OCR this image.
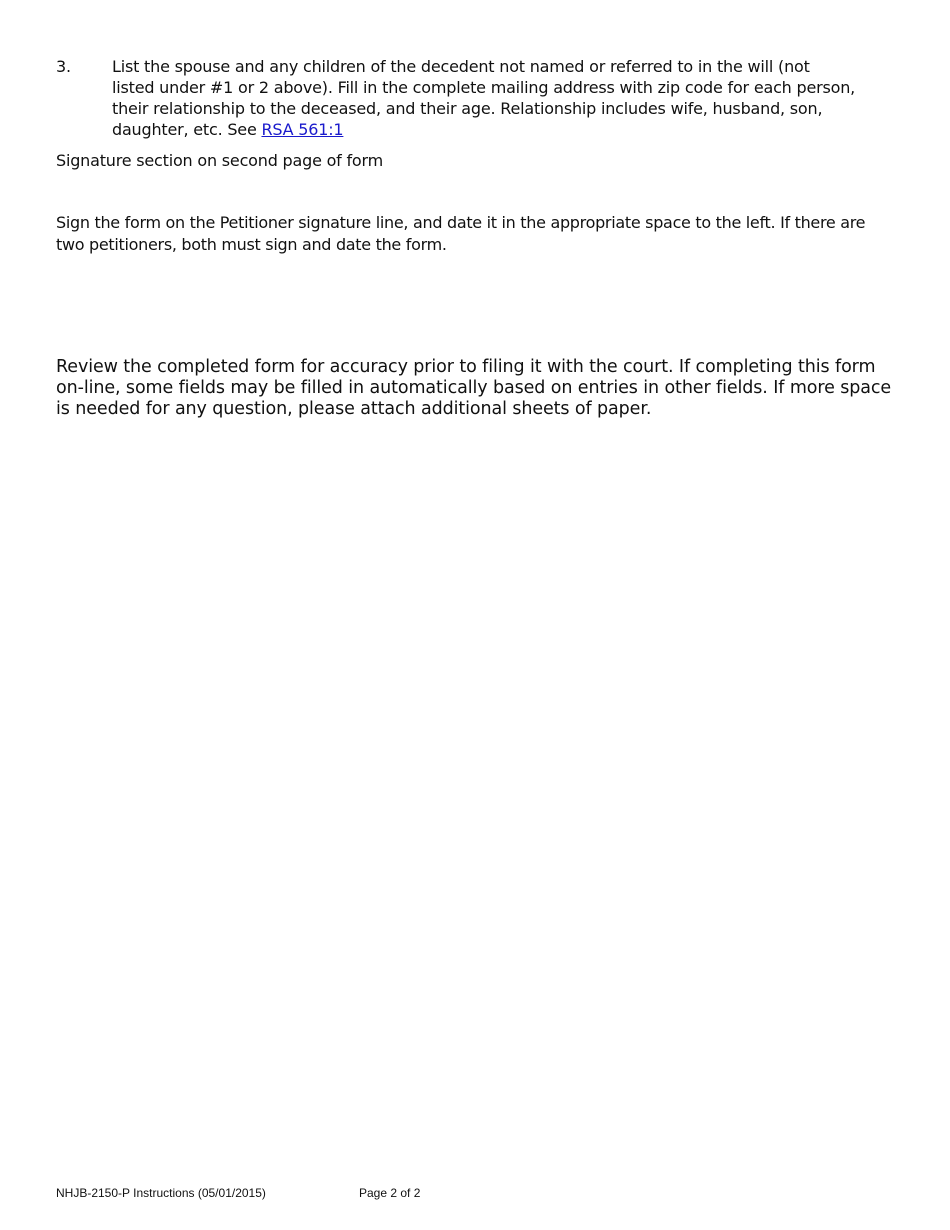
3.	List the spouse and any children of the decedent not named or referred to in the will (not listed under #1 or 2 above). Fill in the complete mailing address with zip code for each person, their relationship to the deceased, and their age. Relationship includes wife, husband, son, daughter, etc. See RSA 561:1
Signature section on second page of form
Sign the form on the Petitioner signature line, and date it in the appropriate space to the left. If there are two petitioners, both must sign and date the form.
Review the completed form for accuracy prior to filing it with the court. If completing this form on-line, some fields may be filled in automatically based on entries in other fields. If more space is needed for any question, please attach additional sheets of paper.
NHJB-2150-P Instructions (05/01/2015)	Page 2 of 2
